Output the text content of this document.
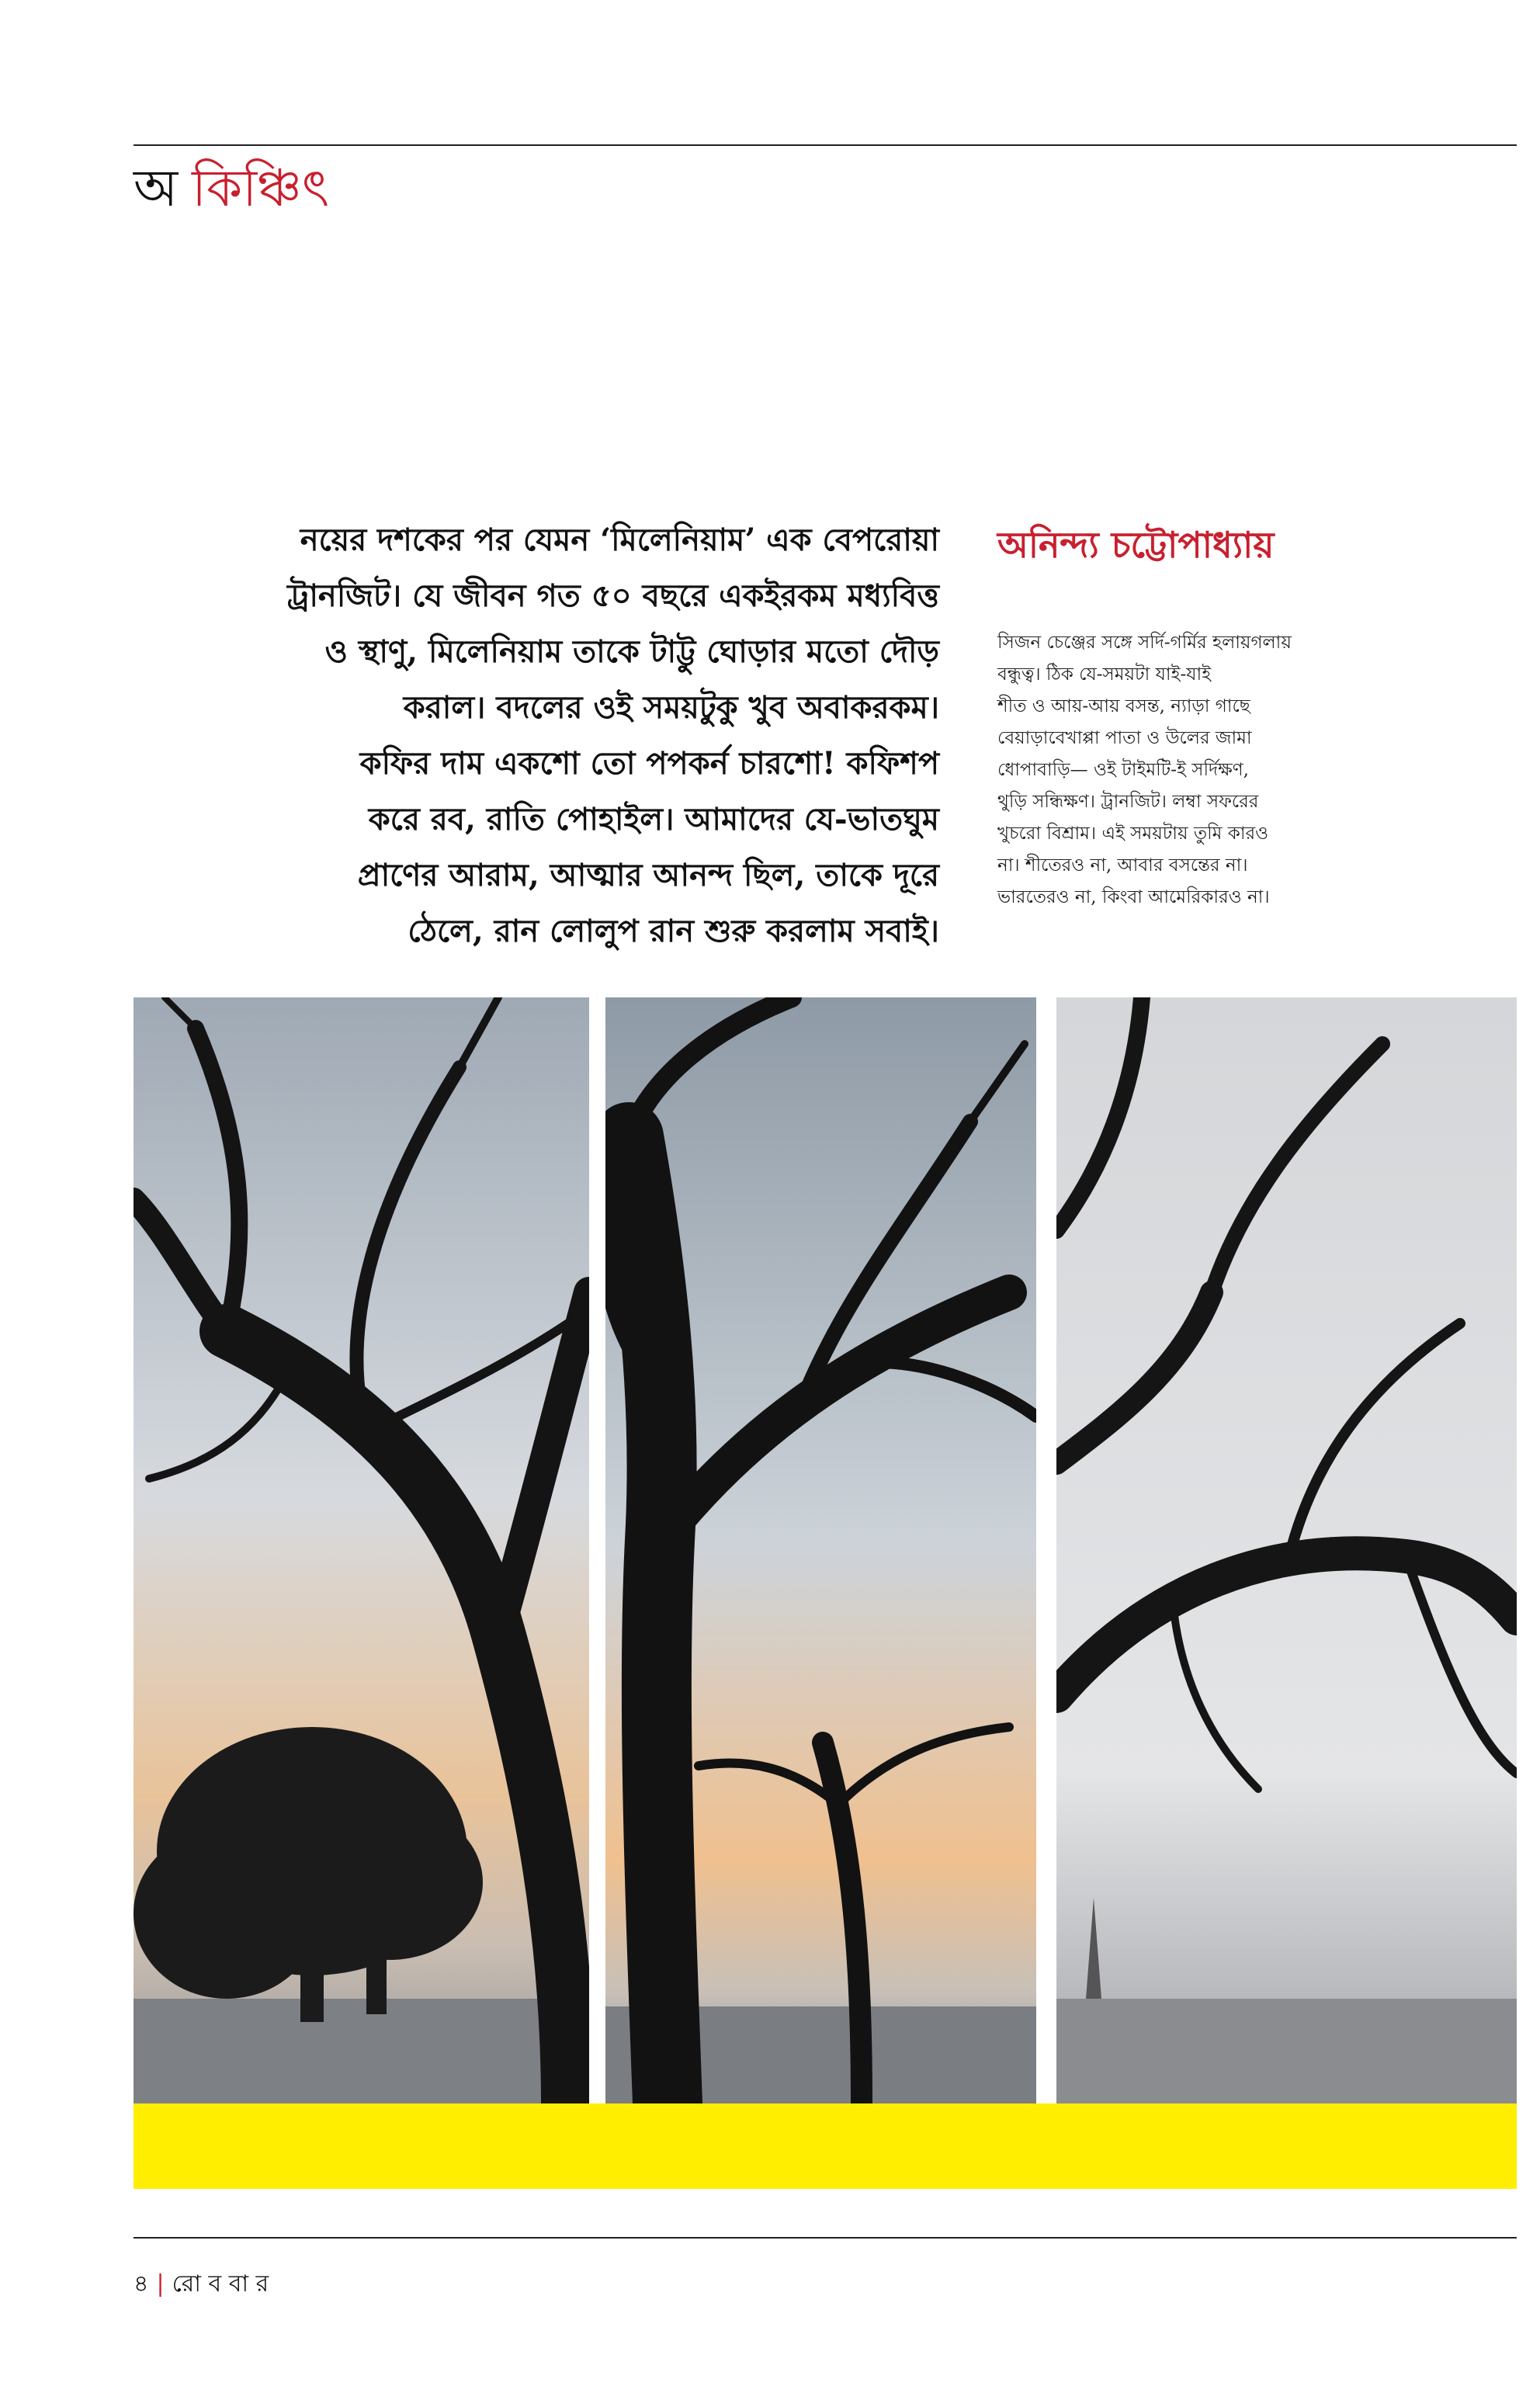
অ কিঞ্চিৎ
নয়ের দশকের পর যেমন ‘মিলেনিয়াম’ এক বেপরোয়া
ট্রানজিট। যে জীবন গত ৫০ বছরে একইরকম মধ্যবিত্ত
ও স্থাণু, মিলেনিয়াম তাকে টাট্টু ঘোড়ার মতো দৌড়
করাল। বদলের ওই সময়টুকু খুব অবাকরকম।
কফির দাম একশো তো পপকর্ন চারশো! কফিশপ
করে রব, রাতি পোহাইল। আমাদের যে-ভাতঘুম
প্রাণের আরাম, আত্মার আনন্দ ছিল, তাকে দূরে
ঠেলে, রান লোলুপ রান শুরু করলাম সবাই।
অনিন্দ্য চট্টোপাধ্যায়
সিজন চেঞ্জের সঙ্গে সর্দি-গর্মির হলায়গলায়
বন্ধুত্ব। ঠিক যে-সময়টা যাই-যাই
শীত ও আয়-আয় বসন্ত, ন্যাড়া গাছে
বেয়াড়াবেখাপ্পা পাতা ও উলের জামা
ধোপাবাড়ি— ওই টাইমটি-ই সর্দিক্ষণ,
থুড়ি সন্ধিক্ষণ। ট্রানজিট। লম্বা সফরের
খুচরো বিশ্রাম। এই সময়টায় তুমি কারও
না। শীতেরও না, আবার বসন্তের না।
ভারতেরও না, কিংবা আমেরিকারও না।
৪ | রো ব বা র
